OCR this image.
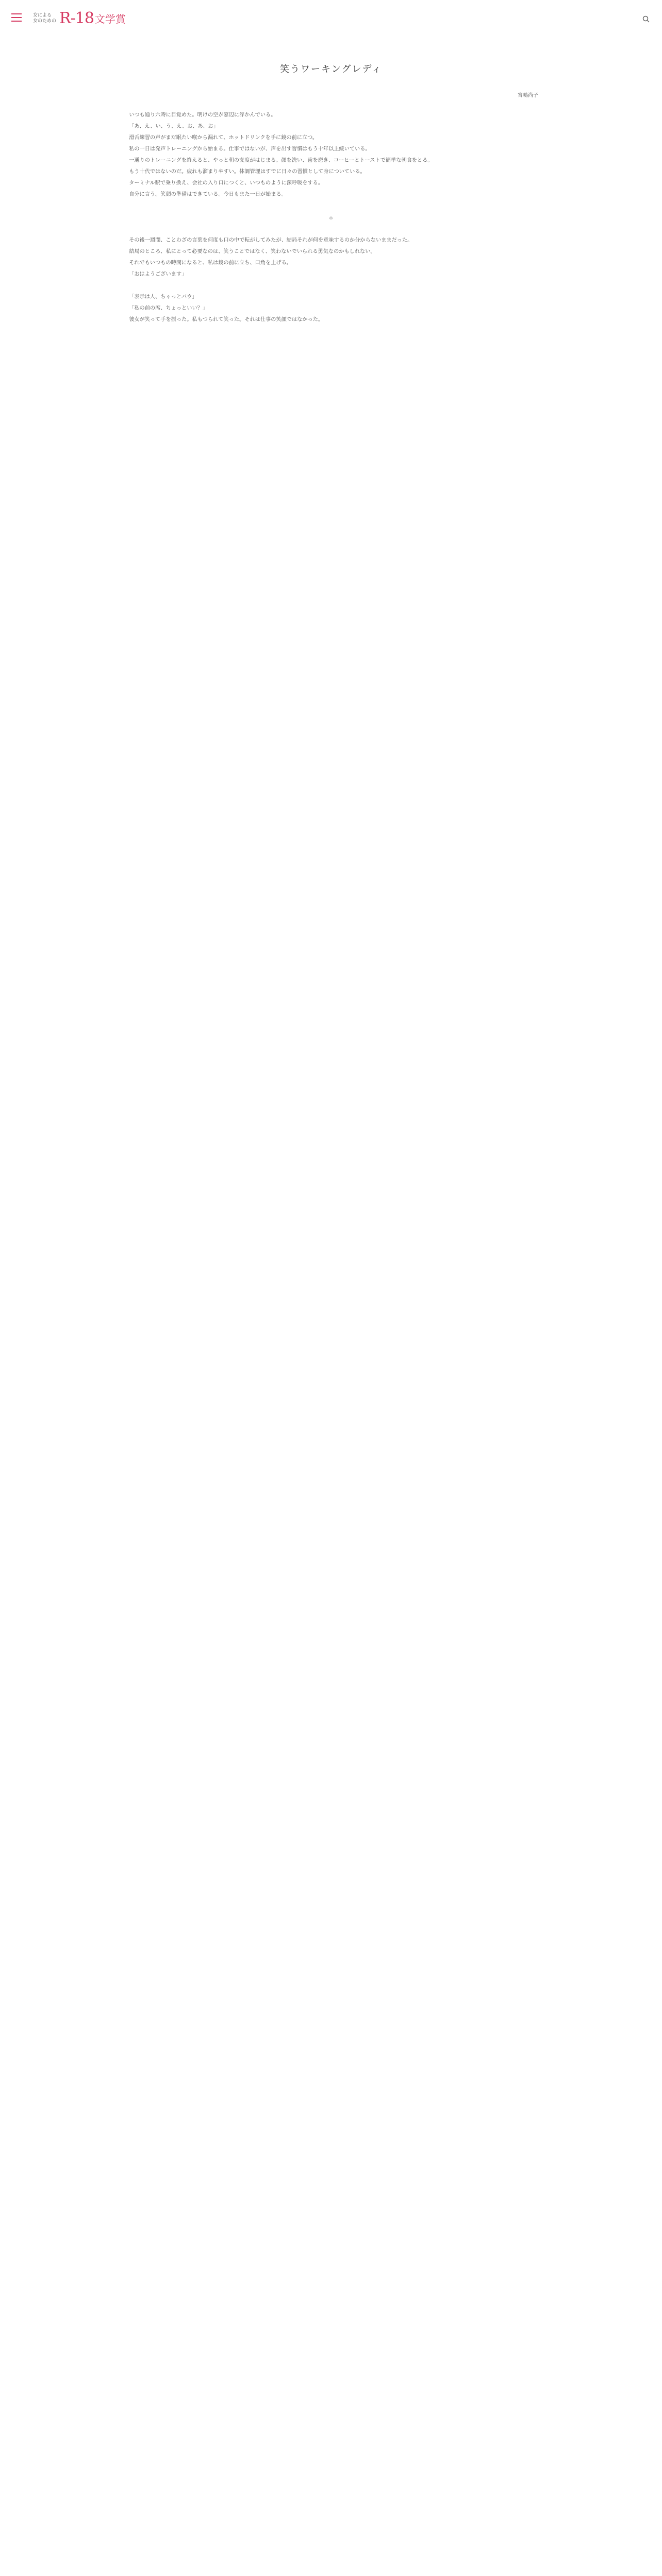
女による
女のための R-18 文学賞
笑うワーキングレディ
宮嶋尚子

いつも通り六時に目覚めた。明けの空が窓辺に浮かんでいる。

「あ、え、い、う、え、お、あ、お」

滑舌練習の声がまだ眠たい喉から漏れて、ホットドリンクを手に鏡の前に立つ。

私の一日は発声トレーニングから始まる。仕事ではないが、声を出す習慣はもう十年以上続いている。

一通りのトレーニングを終えると、やっと朝の支度がはじまる。顔を洗い、歯を磨き、コーヒーとトーストで簡単な朝食をとる。

もう十代ではないのだ。疲れも溜まりやすい。体調管理はすでに日々の習慣として身についている。

ターミナル駅で乗り換え、会社の入り口につくと、いつものように深呼吸をする。

自分に言う。笑顔の準備はできている。今日もまた一日が始まる。

＊

その後一週間、ことわざの言葉を何度も口の中で転がしてみたが、結局それが何を意味するのか分からないままだった。

結局のところ、私にとって必要なのは、笑うことではなく、笑わないでいられる勇気なのかもしれない。

それでもいつもの時間になると、私は鏡の前に立ち、口角を上げる。

「おはようございます」

「表示は人、ちゃっとバウ」

「私の前の席、ちょっといい？」

彼女が笑って手を振った。私もつられて笑った。それは仕事の笑顔ではなかった。
